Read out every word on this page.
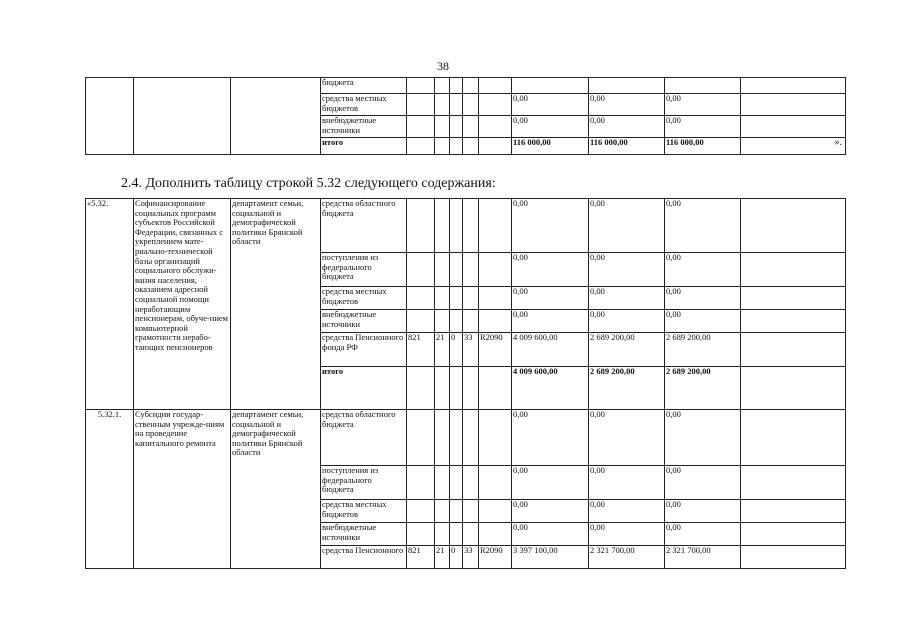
38
			бюджета									
			средства местных бюджетов						0,00	0,00	0,00	
			внебюджетные источники						0,00	0,00	0,00	
			итого						116 000,00	116 000,00	116 000,00	».
2.4. Дополнить таблицу строкой 5.32 следующего содержания:
«5.32.	Софинансирование социальных программ субъектов Российской Федерации, связанных с укреплением мате-риально-технической базы организаций социального обслужи-вания населения, оказанием адресной социальной помощи неработающим пенсионерам, обуче-нием компьютерной грамотности нерабо-тающих пенсионеров	департамент семьи, социальной и демографической политики Брянской области	средства областного бюджета						0,00	0,00	0,00	
			поступления из федерального бюджета						0,00	0,00	0,00	
			средства местных бюджетов						0,00	0,00	0,00	
			внебюджетные источники						0,00	0,00	0,00	
			средства Пенсионного фонда РФ	821	21	0	33	R2090	4 009 600,00	2 689 200,00	2 689 200,00	
			итого						4 009 600,00	2 689 200,00	2 689 200,00	
5.32.1.	Субсидии государ-ственным учрежде-ниям на проведение капитального ремонта	департамент семьи, социальной и демографической политики Брянской области	средства областного бюджета						0,00	0,00	0,00	
			поступления из федерального бюджета						0,00	0,00	0,00	
			средства местных бюджетов						0,00	0,00	0,00	
			внебюджетные источники						0,00	0,00	0,00	
			средства Пенсионного	821	21	0	33	R2090	3 397 100,00	2 321 700,00	2 321 700,00	
